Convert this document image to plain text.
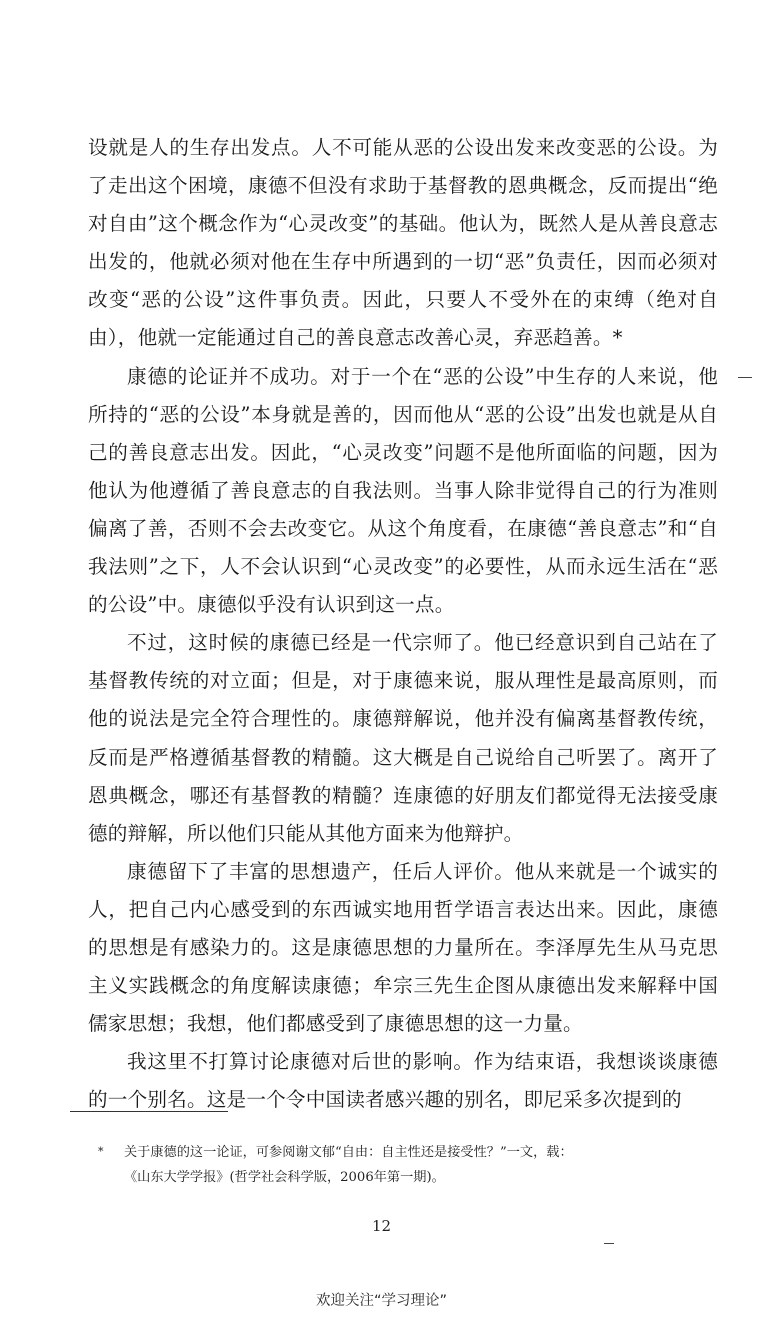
设就是人的生存出发点。人不可能从恶的公设出发来改变恶的公设。为了走出这个困境，康德不但没有求助于基督教的恩典概念，反而提出“绝对自由”这个概念作为“心灵改变”的基础。他认为，既然人是从善良意志出发的，他就必须对他在生存中所遇到的一切“恶”负责任，因而必须对改变“恶的公设”这件事负责。因此，只要人不受外在的束缚（绝对自由），他就一定能通过自己的善良意志改善心灵，弃恶趋善。*

康德的论证并不成功。对于一个在“恶的公设”中生存的人来说，他所持的“恶的公设”本身就是善的，因而他从“恶的公设”出发也就是从自己的善良意志出发。因此，“心灵改变”问题不是他所面临的问题，因为他认为他遵循了善良意志的自我法则。当事人除非觉得自己的行为准则偏离了善，否则不会去改变它。从这个角度看，在康德“善良意志”和“自我法则”之下，人不会认识到“心灵改变”的必要性，从而永远生活在“恶的公设”中。康德似乎没有认识到这一点。

不过，这时候的康德已经是一代宗师了。他已经意识到自己站在了基督教传统的对立面；但是，对于康德来说，服从理性是最高原则，而他的说法是完全符合理性的。康德辩解说，他并没有偏离基督教传统，反而是严格遵循基督教的精髓。这大概是自己说给自己听罢了。离开了恩典概念，哪还有基督教的精髓？连康德的好朋友们都觉得无法接受康德的辩解，所以他们只能从其他方面来为他辩护。

康德留下了丰富的思想遗产，任后人评价。他从来就是一个诚实的人，把自己内心感受到的东西诚实地用哲学语言表达出来。因此，康德的思想是有感染力的。这是康德思想的力量所在。李泽厚先生从马克思主义实践概念的角度解读康德；牟宗三先生企图从康德出发来解释中国儒家思想；我想，他们都感受到了康德思想的这一力量。

我这里不打算讨论康德对后世的影响。作为结束语，我想谈谈康德的一个别名。这是一个令中国读者感兴趣的别名，即尼采多次提到的

* 关于康德的这一论证，可参阅谢文郁“自由：自主性还是接受性？”一文，载：

《山东大学学报》(哲学社会科学版，2006年第一期)。

12
欢迎关注“学习理论”
